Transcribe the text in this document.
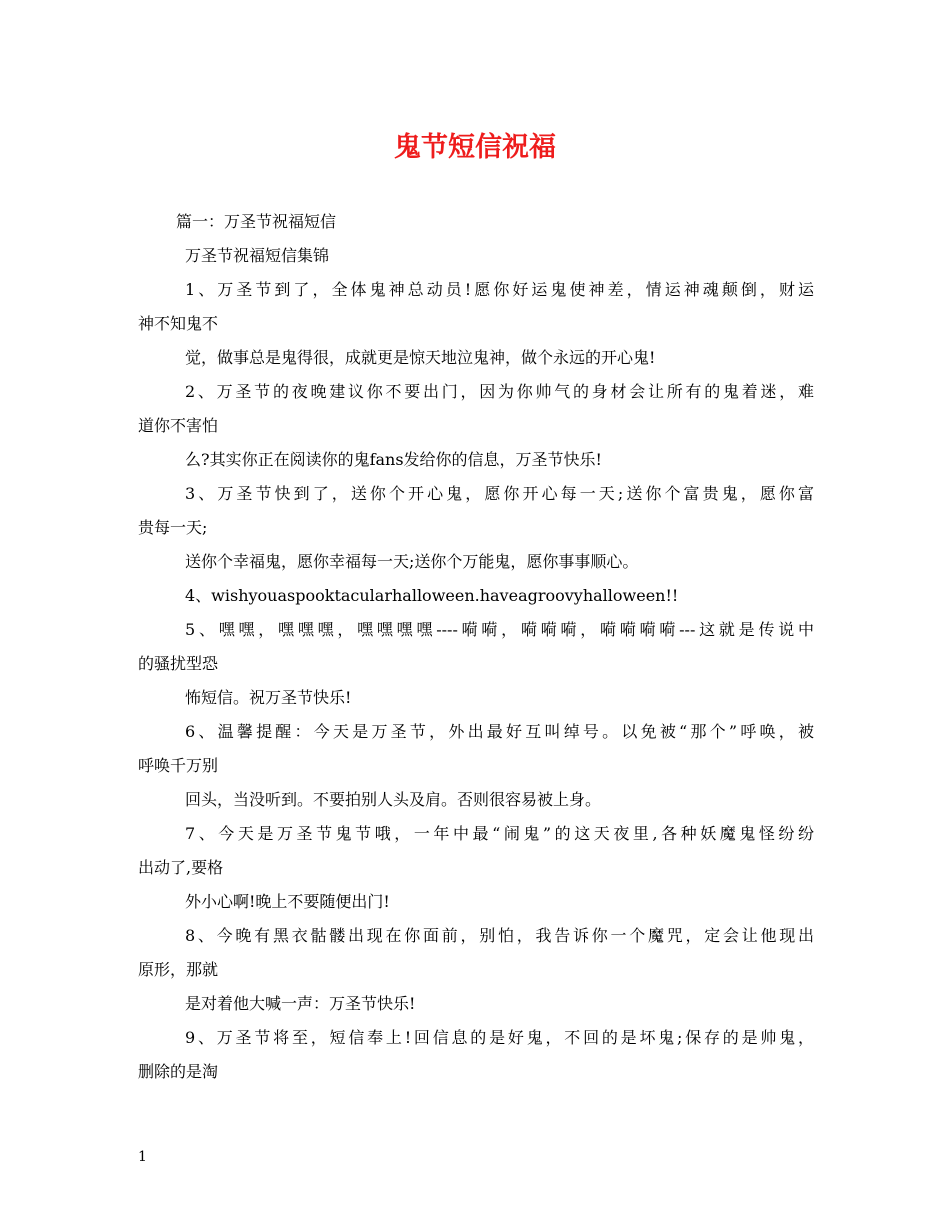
鬼节短信祝福
篇一：万圣节祝福短信
万圣节祝福短信集锦
1、万圣节到了，全体鬼神总动员!愿你好运鬼使神差，情运神魂颠倒，财运
神不知鬼不
觉，做事总是鬼得很，成就更是惊天地泣鬼神，做个永远的开心鬼!
2、万圣节的夜晚建议你不要出门，因为你帅气的身材会让所有的鬼着迷，难
道你不害怕
么?其实你正在阅读你的鬼fans发给你的信息，万圣节快乐!
3、万圣节快到了，送你个开心鬼，愿你开心每一天;送你个富贵鬼，愿你富
贵每一天;
送你个幸福鬼，愿你幸福每一天;送你个万能鬼，愿你事事顺心。
4、wishyouaspooktacularhalloween.haveagroovyhalloween!!
5、嘿嘿，嘿嘿嘿，嘿嘿嘿嘿----嗬嗬，嗬嗬嗬，嗬嗬嗬嗬---这就是传说中
的骚扰型恐
怖短信。祝万圣节快乐!
6、温馨提醒：今天是万圣节，外出最好互叫绰号。以免被“那个”呼唤，被
呼唤千万别
回头，当没听到。不要拍别人头及肩。否则很容易被上身。
7、今天是万圣节鬼节哦，一年中最“闹鬼”的这天夜里,各种妖魔鬼怪纷纷
出动了,要格
外小心啊!晚上不要随便出门!
8、今晚有黑衣骷髅出现在你面前，别怕，我告诉你一个魔咒，定会让他现出
原形，那就
是对着他大喊一声：万圣节快乐!
9、万圣节将至，短信奉上!回信息的是好鬼，不回的是坏鬼;保存的是帅鬼，
删除的是淘
1
